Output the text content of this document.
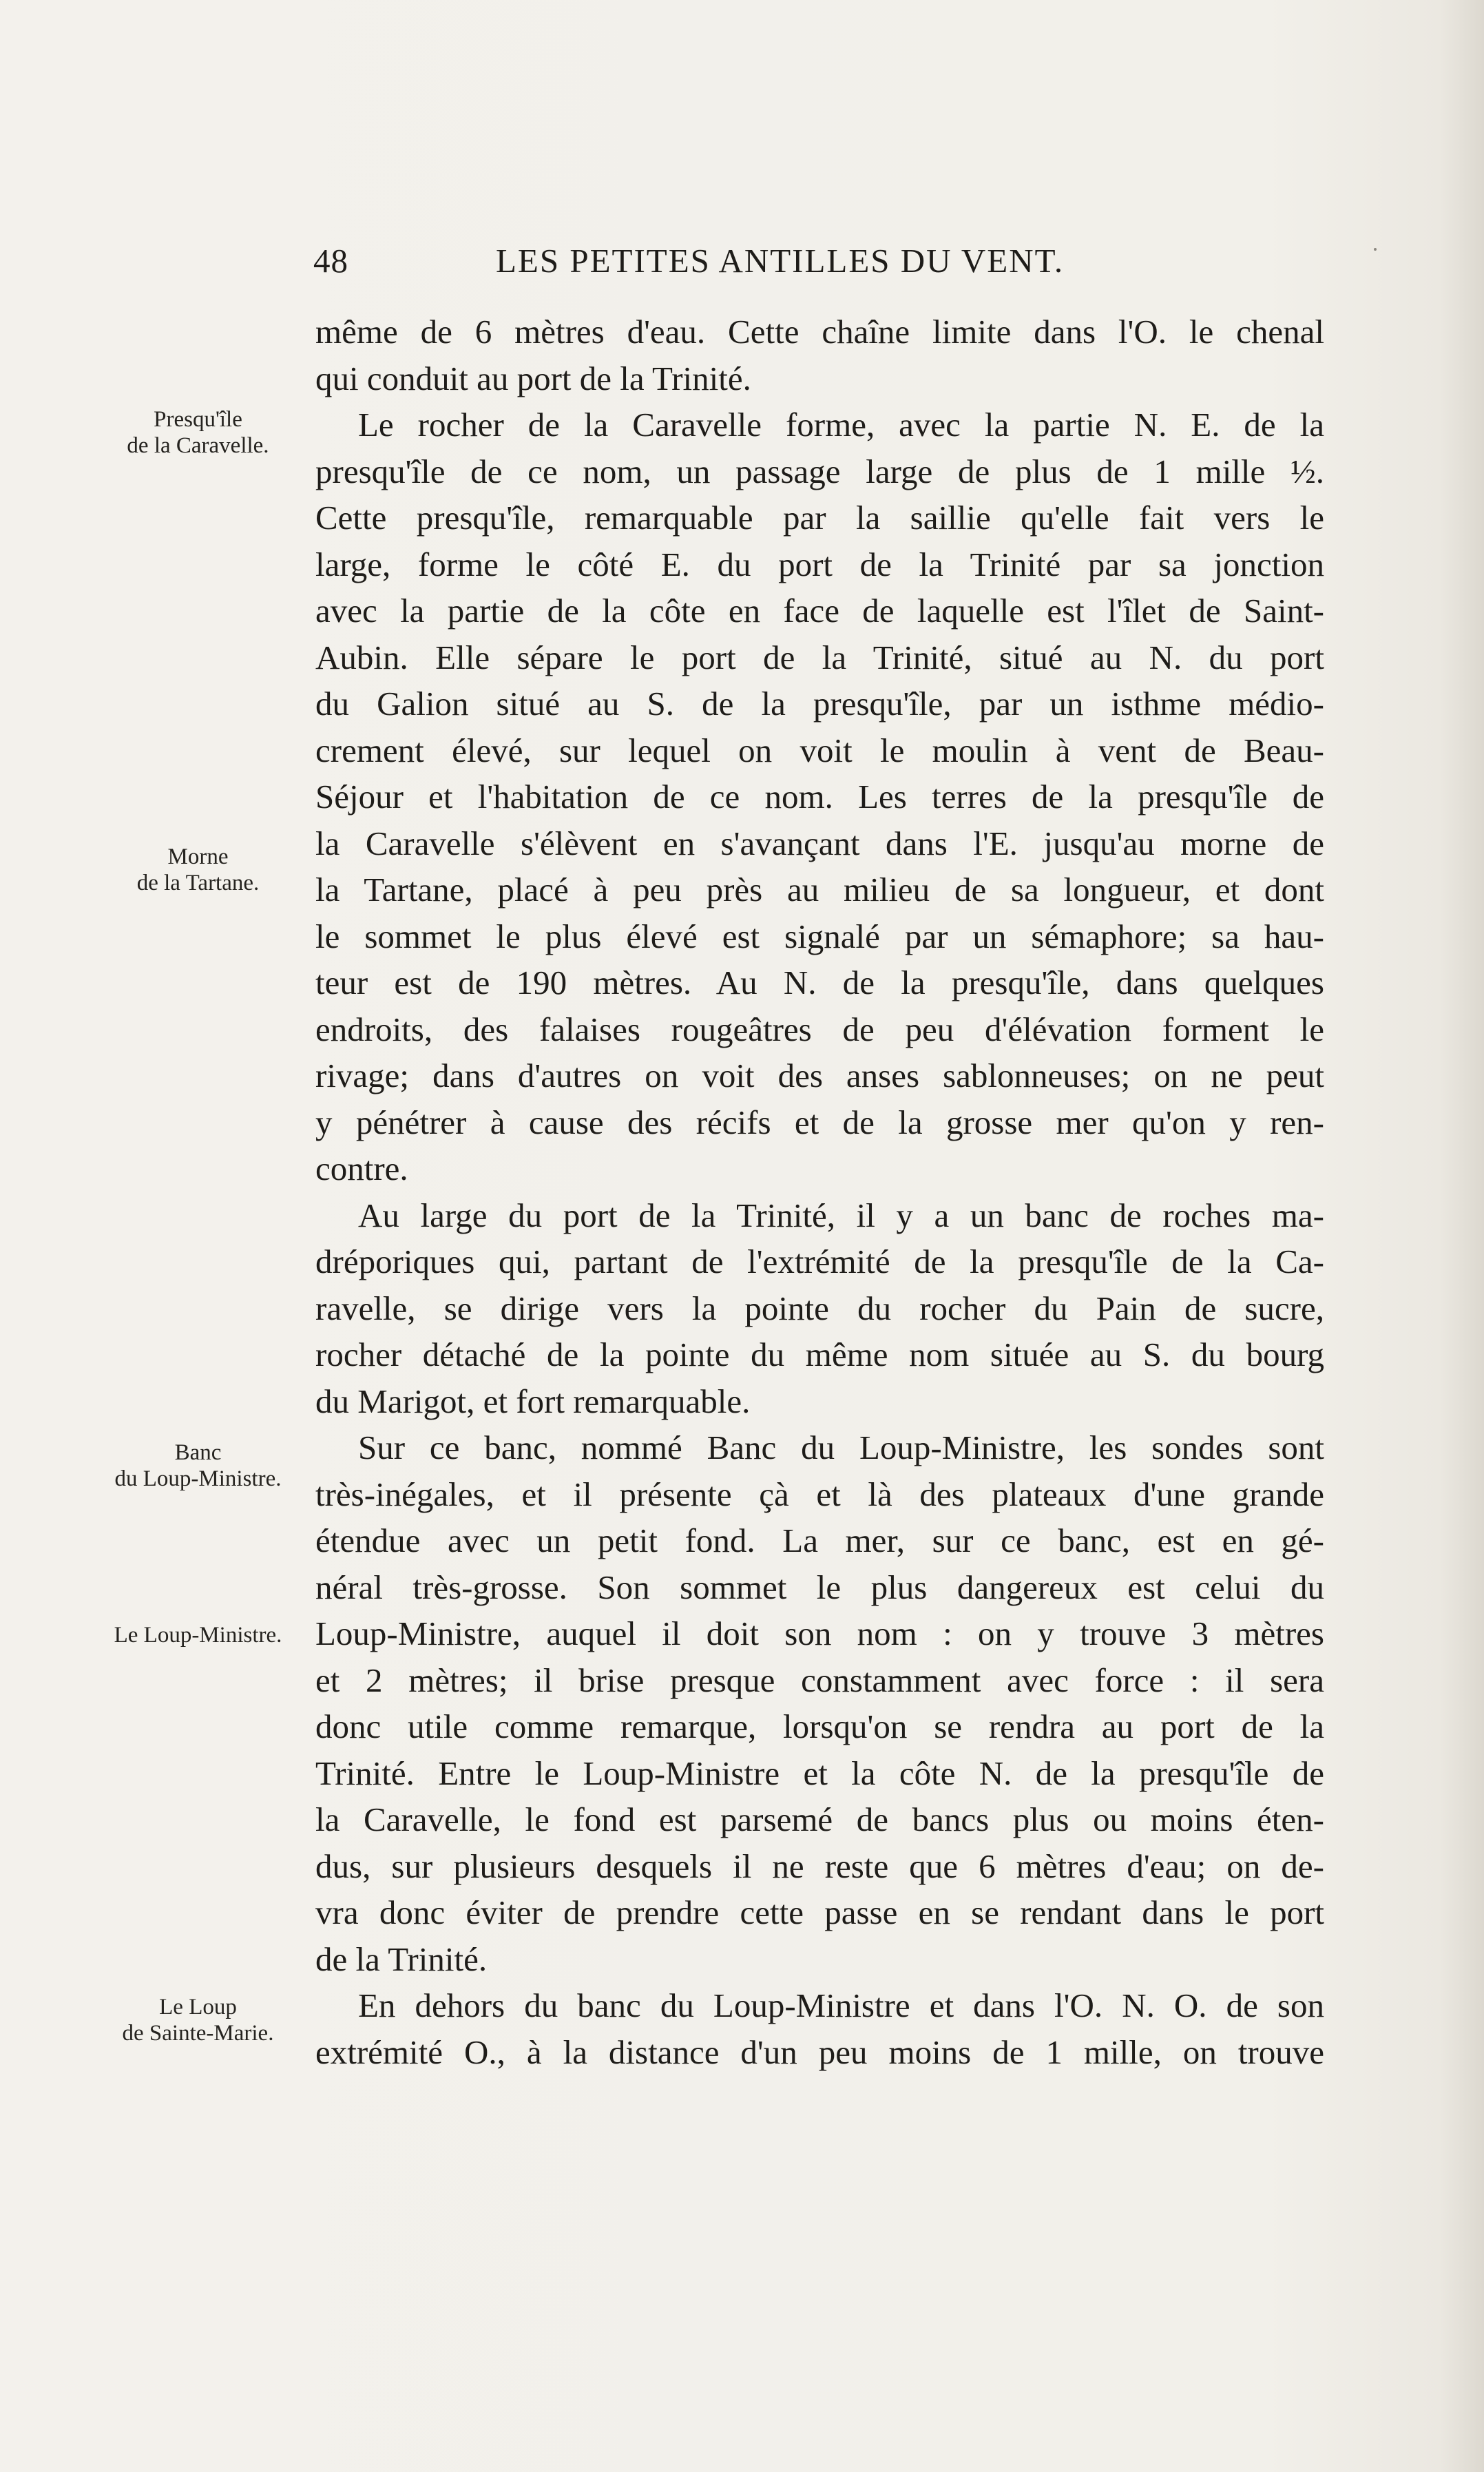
48	LES PETITES ANTILLES DU VENT.
même de 6 mètres d'eau. Cette chaîne limite dans l'O. le chenal
qui conduit au port de la Trinité.
Le rocher de la Caravelle forme, avec la partie N. E. de la
presqu'île de ce nom, un passage large de plus de 1 mille ½.
Cette presqu'île, remarquable par la saillie qu'elle fait vers le
large, forme le côté E. du port de la Trinité par sa jonction
avec la partie de la côte en face de laquelle est l'îlet de Saint-
Aubin. Elle sépare le port de la Trinité, situé au N. du port
du Galion situé au S. de la presqu'île, par un isthme médio-
crement élevé, sur lequel on voit le moulin à vent de Beau-
Séjour et l'habitation de ce nom. Les terres de la presqu'île de
la Caravelle s'élèvent en s'avançant dans l'E. jusqu'au morne de
la Tartane, placé à peu près au milieu de sa longueur, et dont
le sommet le plus élevé est signalé par un sémaphore; sa hau-
teur est de 190 mètres. Au N. de la presqu'île, dans quelques
endroits, des falaises rougeâtres de peu d'élévation forment le
rivage; dans d'autres on voit des anses sablonneuses; on ne peut
y pénétrer à cause des récifs et de la grosse mer qu'on y ren-
contre.
Au large du port de la Trinité, il y a un banc de roches ma-
dréporiques qui, partant de l'extrémité de la presqu'île de la Ca-
ravelle, se dirige vers la pointe du rocher du Pain de sucre,
rocher détaché de la pointe du même nom située au S. du bourg
du Marigot, et fort remarquable.
Sur ce banc, nommé Banc du Loup-Ministre, les sondes sont
très-inégales, et il présente çà et là des plateaux d'une grande
étendue avec un petit fond. La mer, sur ce banc, est en gé-
néral très-grosse. Son sommet le plus dangereux est celui du
Loup-Ministre, auquel il doit son nom : on y trouve 3 mètres
et 2 mètres; il brise presque constamment avec force : il sera
donc utile comme remarque, lorsqu'on se rendra au port de la
Trinité. Entre le Loup-Ministre et la côte N. de la presqu'île de
la Caravelle, le fond est parsemé de bancs plus ou moins éten-
dus, sur plusieurs desquels il ne reste que 6 mètres d'eau; on de-
vra donc éviter de prendre cette passe en se rendant dans le port
de la Trinité.
En dehors du banc du Loup-Ministre et dans l'O. N. O. de son
extrémité O., à la distance d'un peu moins de 1 mille, on trouve
Presqu'île
de la Caravelle.
Morne
de la Tartane.
Banc
du Loup-Ministre.
Le Loup-Ministre.
Le Loup
de Sainte-Marie.
